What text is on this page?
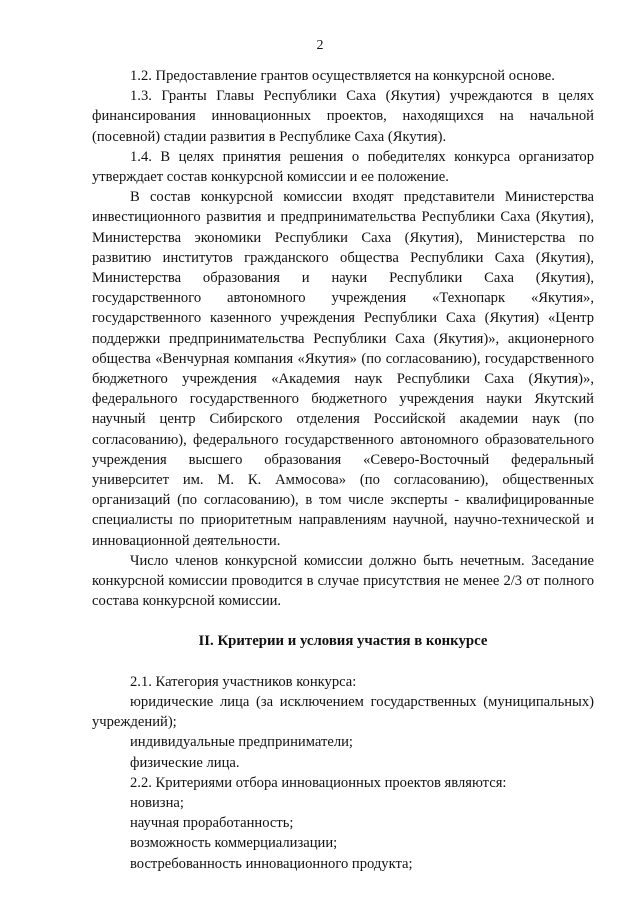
2

1.2. Предоставление грантов осуществляется на конкурсной основе.

1.3. Гранты Главы Республики Саха (Якутия) учреждаются в целях финансирования инновационных проектов, находящихся на начальной (посевной) стадии развития в Республике Саха (Якутия).

1.4. В целях принятия решения о победителях конкурса организатор утверждает состав конкурсной комиссии и ее положение.

В состав конкурсной комиссии входят представители Министерства инвестиционного развития и предпринимательства Республики Саха (Якутия), Министерства экономики Республики Саха (Якутия), Министерства по развитию институтов гражданского общества Республики Саха (Якутия), Министерства образования и науки Республики Саха (Якутия), государственного автономного учреждения «Технопарк «Якутия», государственного казенного учреждения Республики Саха (Якутия) «Центр поддержки предпринимательства Республики Саха (Якутия)», акционерного общества «Венчурная компания «Якутия» (по согласованию), государственного бюджетного учреждения «Академия наук Республики Саха (Якутия)», федерального государственного бюджетного учреждения науки Якутский научный центр Сибирского отделения Российской академии наук (по согласованию), федерального государственного автономного образовательного учреждения высшего образования «Северо-Восточный федеральный университет им. М. К. Аммосова» (по согласованию), общественных организаций (по согласованию), в том числе эксперты - квалифицированные специалисты по приоритетным направлениям научной, научно-технической и инновационной деятельности.

Число членов конкурсной комиссии должно быть нечетным. Заседание конкурсной комиссии проводится в случае присутствия не менее 2/3 от полного состава конкурсной комиссии.

II. Критерии и условия участия в конкурсе

2.1. Категория участников конкурса:

юридические лица (за исключением государственных (муниципальных) учреждений);

индивидуальные предприниматели;

физические лица.

2.2. Критериями отбора инновационных проектов являются:

новизна;

научная проработанность;

возможность коммерциализации;

востребованность инновационного продукта;
